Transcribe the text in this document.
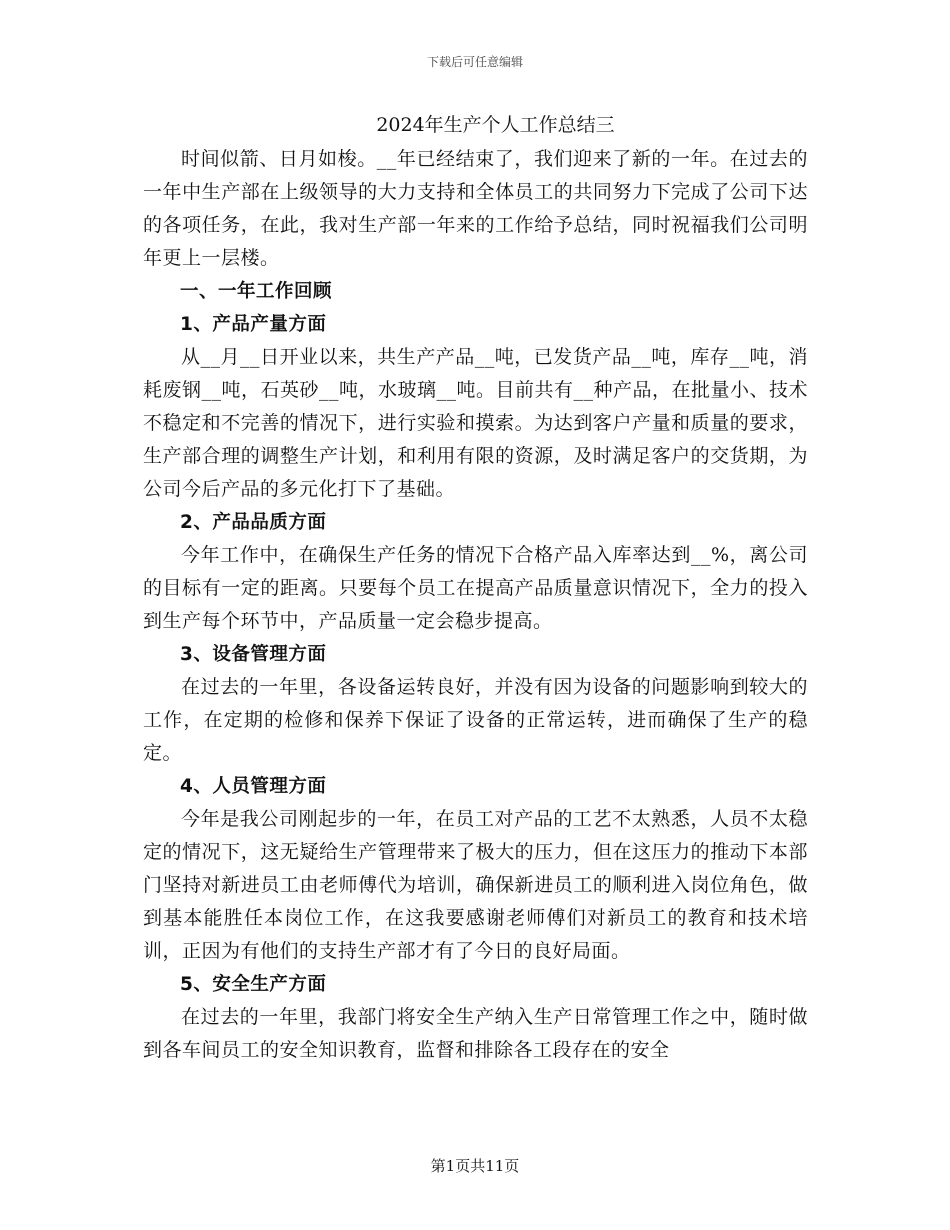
下载后可任意编辑
2024年生产个人工作总结三

时间似箭、日月如梭。__年已经结束了，我们迎来了新的一年。在过去的一年中生产部在上级领导的大力支持和全体员工的共同努力下完成了公司下达的各项任务，在此，我对生产部一年来的工作给予总结，同时祝福我们公司明年更上一层楼。

一、一年工作回顾
1、产品产量方面

从__月__日开业以来，共生产产品__吨，已发货产品__吨，库存__吨，消耗废钢__吨，石英砂__吨，水玻璃__吨。目前共有__种产品，在批量小、技术不稳定和不完善的情况下，进行实验和摸索。为达到客户产量和质量的要求，生产部合理的调整生产计划，和利用有限的资源，及时满足客户的交货期，为公司今后产品的多元化打下了基础。

2、产品品质方面

今年工作中，在确保生产任务的情况下合格产品入库率达到__%，离公司的目标有一定的距离。只要每个员工在提高产品质量意识情况下，全力的投入到生产每个环节中，产品质量一定会稳步提高。

3、设备管理方面

在过去的一年里，各设备运转良好，并没有因为设备的问题影响到较大的工作，在定期的检修和保养下保证了设备的正常运转，进而确保了生产的稳定。

4、人员管理方面

今年是我公司刚起步的一年，在员工对产品的工艺不太熟悉，人员不太稳定的情况下，这无疑给生产管理带来了极大的压力，但在这压力的推动下本部门坚持对新进员工由老师傅代为培训，确保新进员工的顺利进入岗位角色，做到基本能胜任本岗位工作，在这我要感谢老师傅们对新员工的教育和技术培训，正因为有他们的支持生产部才有了今日的良好局面。

5、安全生产方面

在过去的一年里，我部门将安全生产纳入生产日常管理工作之中，随时做到各车间员工的安全知识教育，监督和排除各工段存在的安全

第1页共11页
